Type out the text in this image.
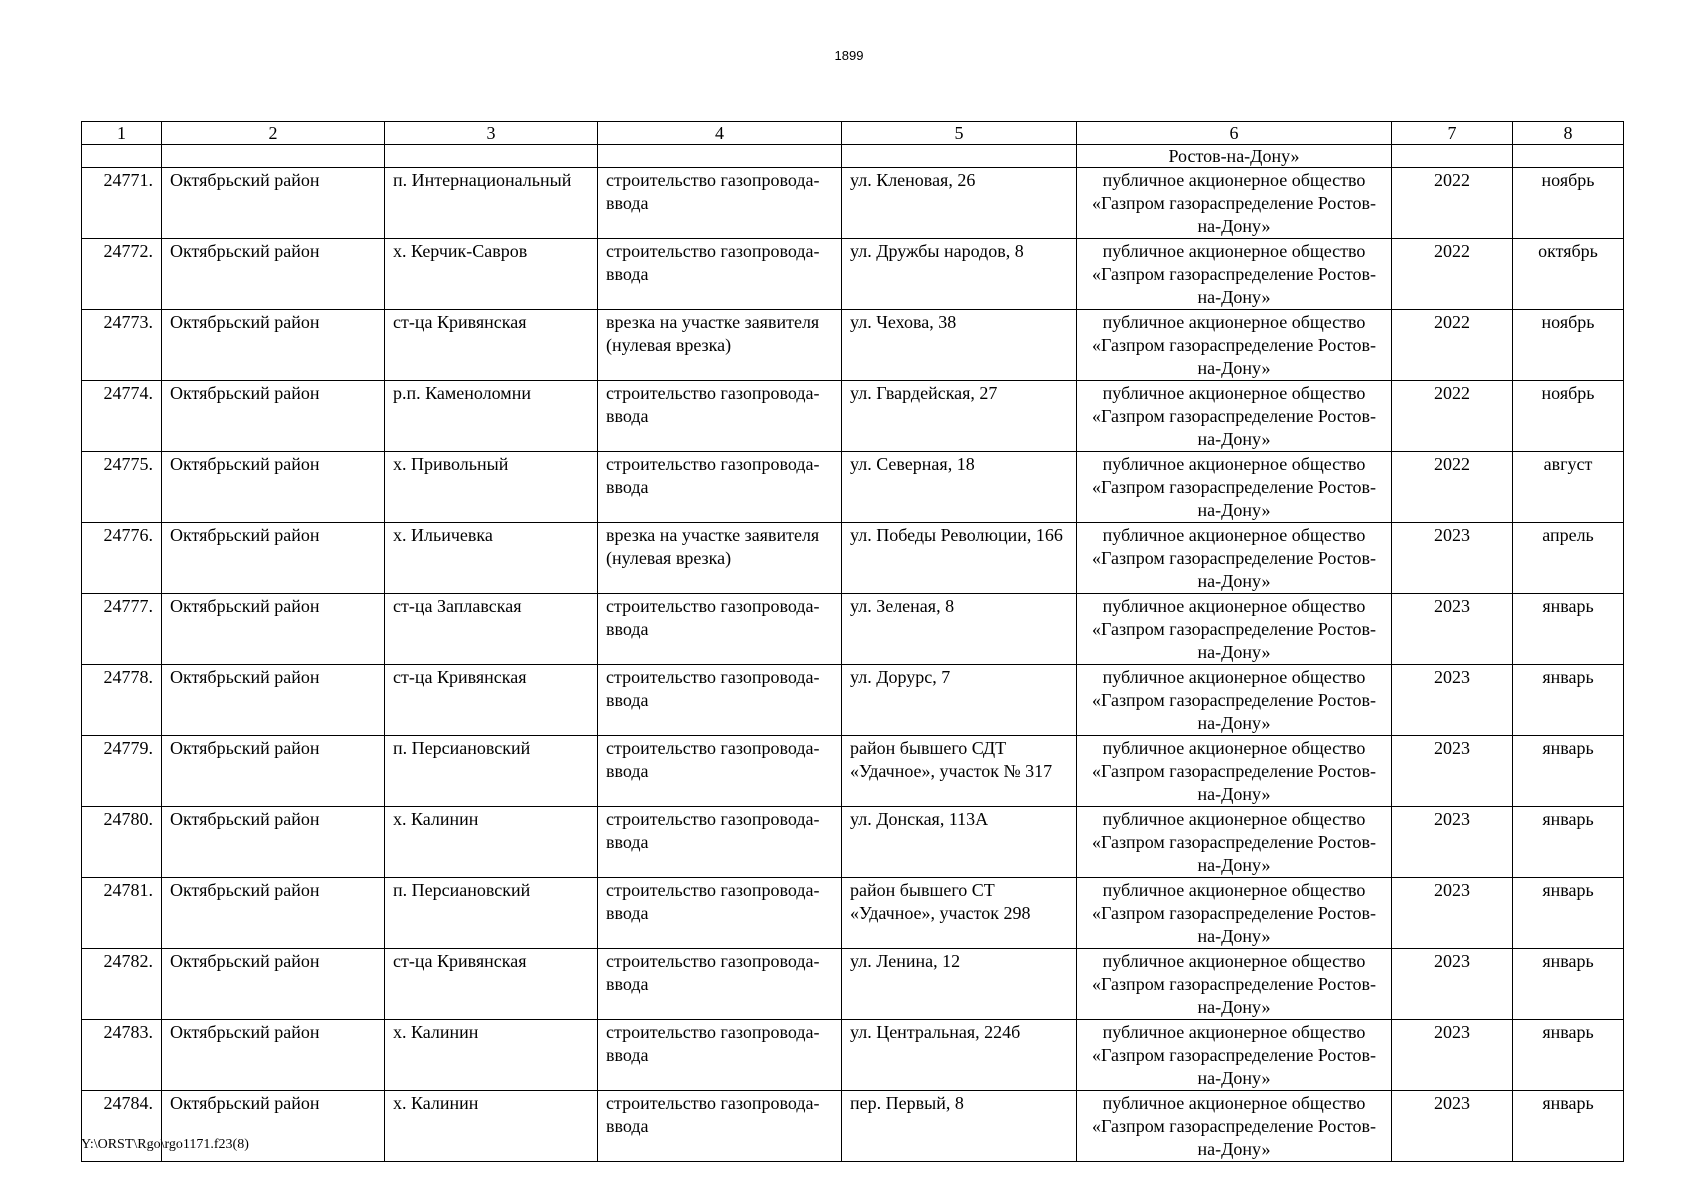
1899
1	2	3	4	5	6	7	8
					Ростов-на-Дону»		
24771.	Октябрьский район	п. Интернациональный	строительство газопровода-ввода	ул. Кленовая, 26	публичное акционерное общество «Газпром газораспределение Ростов-на-Дону»	2022	ноябрь
24772.	Октябрьский район	х. Керчик-Савров	строительство газопровода-ввода	ул. Дружбы народов, 8	публичное акционерное общество «Газпром газораспределение Ростов-на-Дону»	2022	октябрь
24773.	Октябрьский район	ст-ца Кривянская	врезка на участке заявителя (нулевая врезка)	ул. Чехова, 38	публичное акционерное общество «Газпром газораспределение Ростов-на-Дону»	2022	ноябрь
24774.	Октябрьский район	р.п. Каменоломни	строительство газопровода-ввода	ул. Гвардейская, 27	публичное акционерное общество «Газпром газораспределение Ростов-на-Дону»	2022	ноябрь
24775.	Октябрьский район	х. Привольный	строительство газопровода-ввода	ул. Северная, 18	публичное акционерное общество «Газпром газораспределение Ростов-на-Дону»	2022	август
24776.	Октябрьский район	х. Ильичевка	врезка на участке заявителя (нулевая врезка)	ул. Победы Революции, 166	публичное акционерное общество «Газпром газораспределение Ростов-на-Дону»	2023	апрель
24777.	Октябрьский район	ст-ца Заплавская	строительство газопровода-ввода	ул. Зеленая, 8	публичное акционерное общество «Газпром газораспределение Ростов-на-Дону»	2023	январь
24778.	Октябрьский район	ст-ца Кривянская	строительство газопровода-ввода	ул. Дорурс, 7	публичное акционерное общество «Газпром газораспределение Ростов-на-Дону»	2023	январь
24779.	Октябрьский район	п. Персиановский	строительство газопровода-ввода	район бывшего СДТ «Удачное», участок № 317	публичное акционерное общество «Газпром газораспределение Ростов-на-Дону»	2023	январь
24780.	Октябрьский район	х. Калинин	строительство газопровода-ввода	ул. Донская, 113А	публичное акционерное общество «Газпром газораспределение Ростов-на-Дону»	2023	январь
24781.	Октябрьский район	п. Персиановский	строительство газопровода-ввода	район бывшего СТ «Удачное», участок 298	публичное акционерное общество «Газпром газораспределение Ростов-на-Дону»	2023	январь
24782.	Октябрьский район	ст-ца Кривянская	строительство газопровода-ввода	ул. Ленина, 12	публичное акционерное общество «Газпром газораспределение Ростов-на-Дону»	2023	январь
24783.	Октябрьский район	х. Калинин	строительство газопровода-ввода	ул. Центральная, 224б	публичное акционерное общество «Газпром газораспределение Ростов-на-Дону»	2023	январь
24784.	Октябрьский район	х. Калинин	строительство газопровода-ввода	пер. Первый, 8	публичное акционерное общество «Газпром газораспределение Ростов-на-Дону»	2023	январь
Y:\ORST\Rgo\rgo1171.f23(8)
